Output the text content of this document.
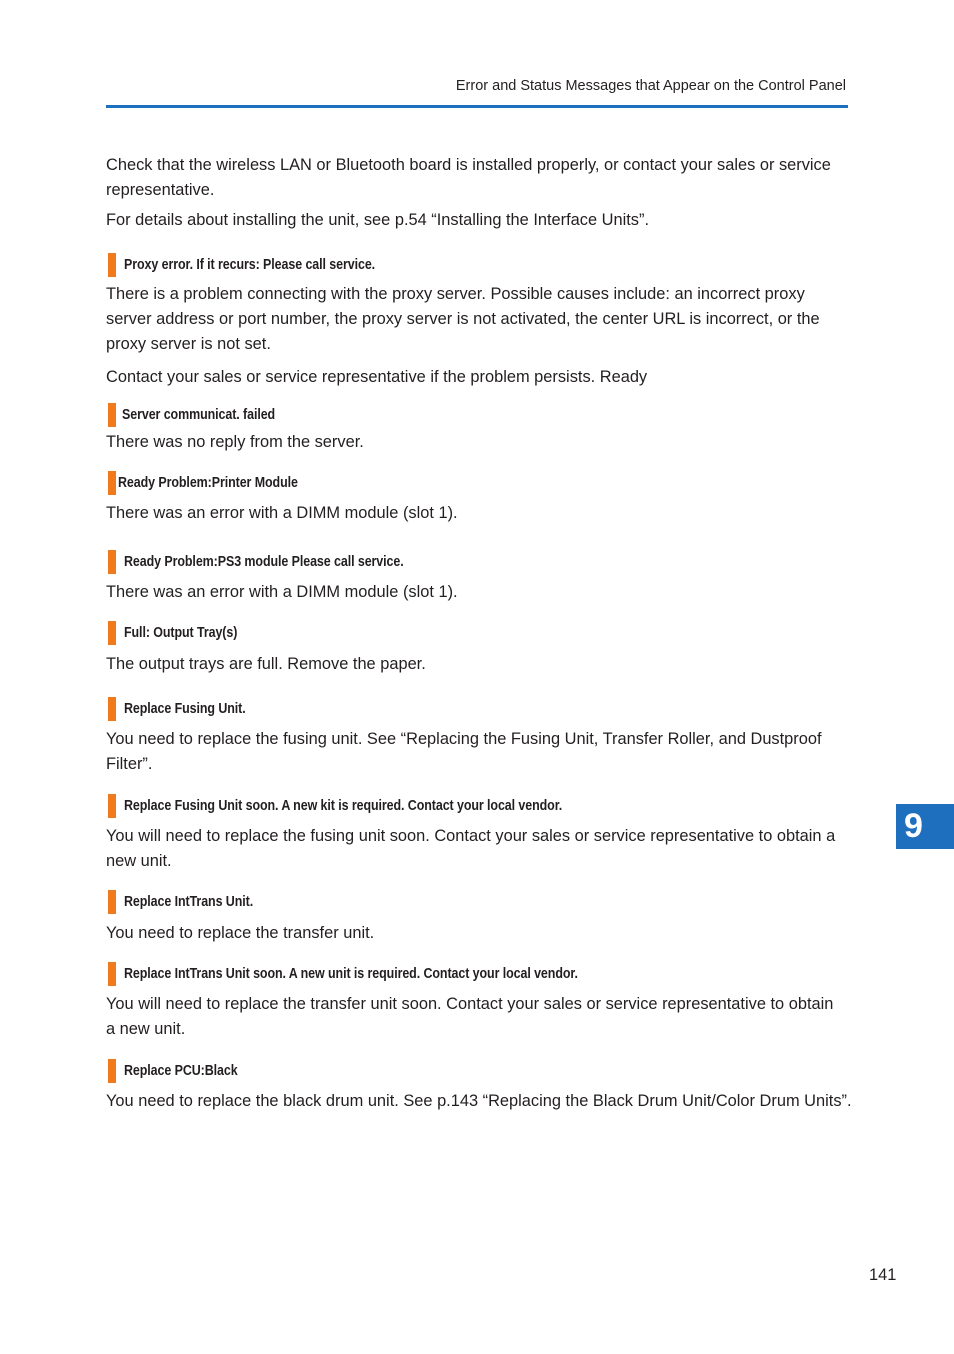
Error and Status Messages that Appear on the Control Panel

Check that the wireless LAN or Bluetooth board is installed properly, or contact your sales or service representative.

For details about installing the unit, see p.54 “Installing the Interface Units”.

Proxy error. If it recurs: Please call service.

There is a problem connecting with the proxy server. Possible causes include: an incorrect proxy server address or port number, the proxy server is not activated, the center URL is incorrect, or the proxy server is not set.

Contact your sales or service representative if the problem persists. Ready

Server communicat. failed

There was no reply from the server.

Ready Problem:Printer Module

There was an error with a DIMM module (slot 1).

Ready Problem:PS3 module Please call service.

There was an error with a DIMM module (slot 1).

Full: Output Tray(s)

The output trays are full. Remove the paper.

Replace Fusing Unit.

You need to replace the fusing unit. See “Replacing the Fusing Unit, Transfer Roller, and Dustproof Filter”.

Replace Fusing Unit soon. A new kit is required. Contact your local vendor.

You will need to replace the fusing unit soon. Contact your sales or service representative to obtain a new unit.

Replace IntTrans Unit.

You need to replace the transfer unit.

Replace IntTrans Unit soon. A new unit is required. Contact your local vendor.

You will need to replace the transfer unit soon. Contact your sales or service representative to obtain a new unit.

Replace PCU:Black

You need to replace the black drum unit. See p.143 “Replacing the Black Drum Unit/Color Drum Units”.

9
141
